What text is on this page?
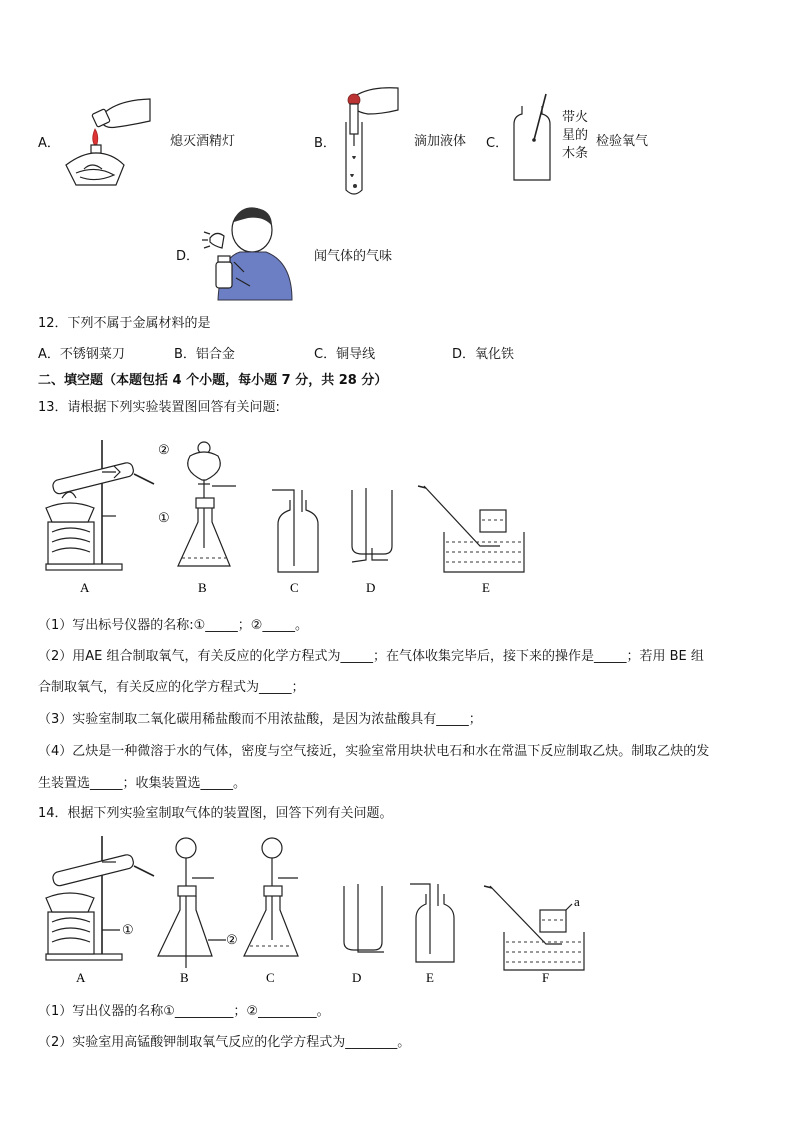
A．	熄灭酒精灯	B．	滴加液体 C．
带火
星的
木条
检验氧气
D．	闻气体的气味
12．下列不属于金属材料的是
A．不锈钢菜刀	B．铝合金	C．铜导线	D．氧化铁
二、填空题（本题包括 4 个小题，每小题 7 分，共 28 分）
13．请根据下列实验装置图回答有关问题:
①
②
A	B	C	D	E
（1）写出标号仪器的名称:①_____；②_____。
（2）用AE 组合制取氧气，有关反应的化学方程式为_____；在气体收集完毕后，接下来的操作是_____；若用 BE 组
合制取氧气，有关反应的化学方程式为_____；
（3）实验室制取二氧化碳用稀盐酸而不用浓盐酸，是因为浓盐酸具有_____；
（4）乙炔是一种微溶于水的气体，密度与空气接近，实验室常用块状电石和水在常温下反应制取乙炔。制取乙炔的发
生装置选_____；收集装置选_____。
14．根据下列实验室制取气体的装置图，回答下列有关问题。
①
②
a
A	B	C	D	E	F
（1）写出仪器的名称①_________；②_________。
（2）实验室用高锰酸钾制取氧气反应的化学方程式为________。
